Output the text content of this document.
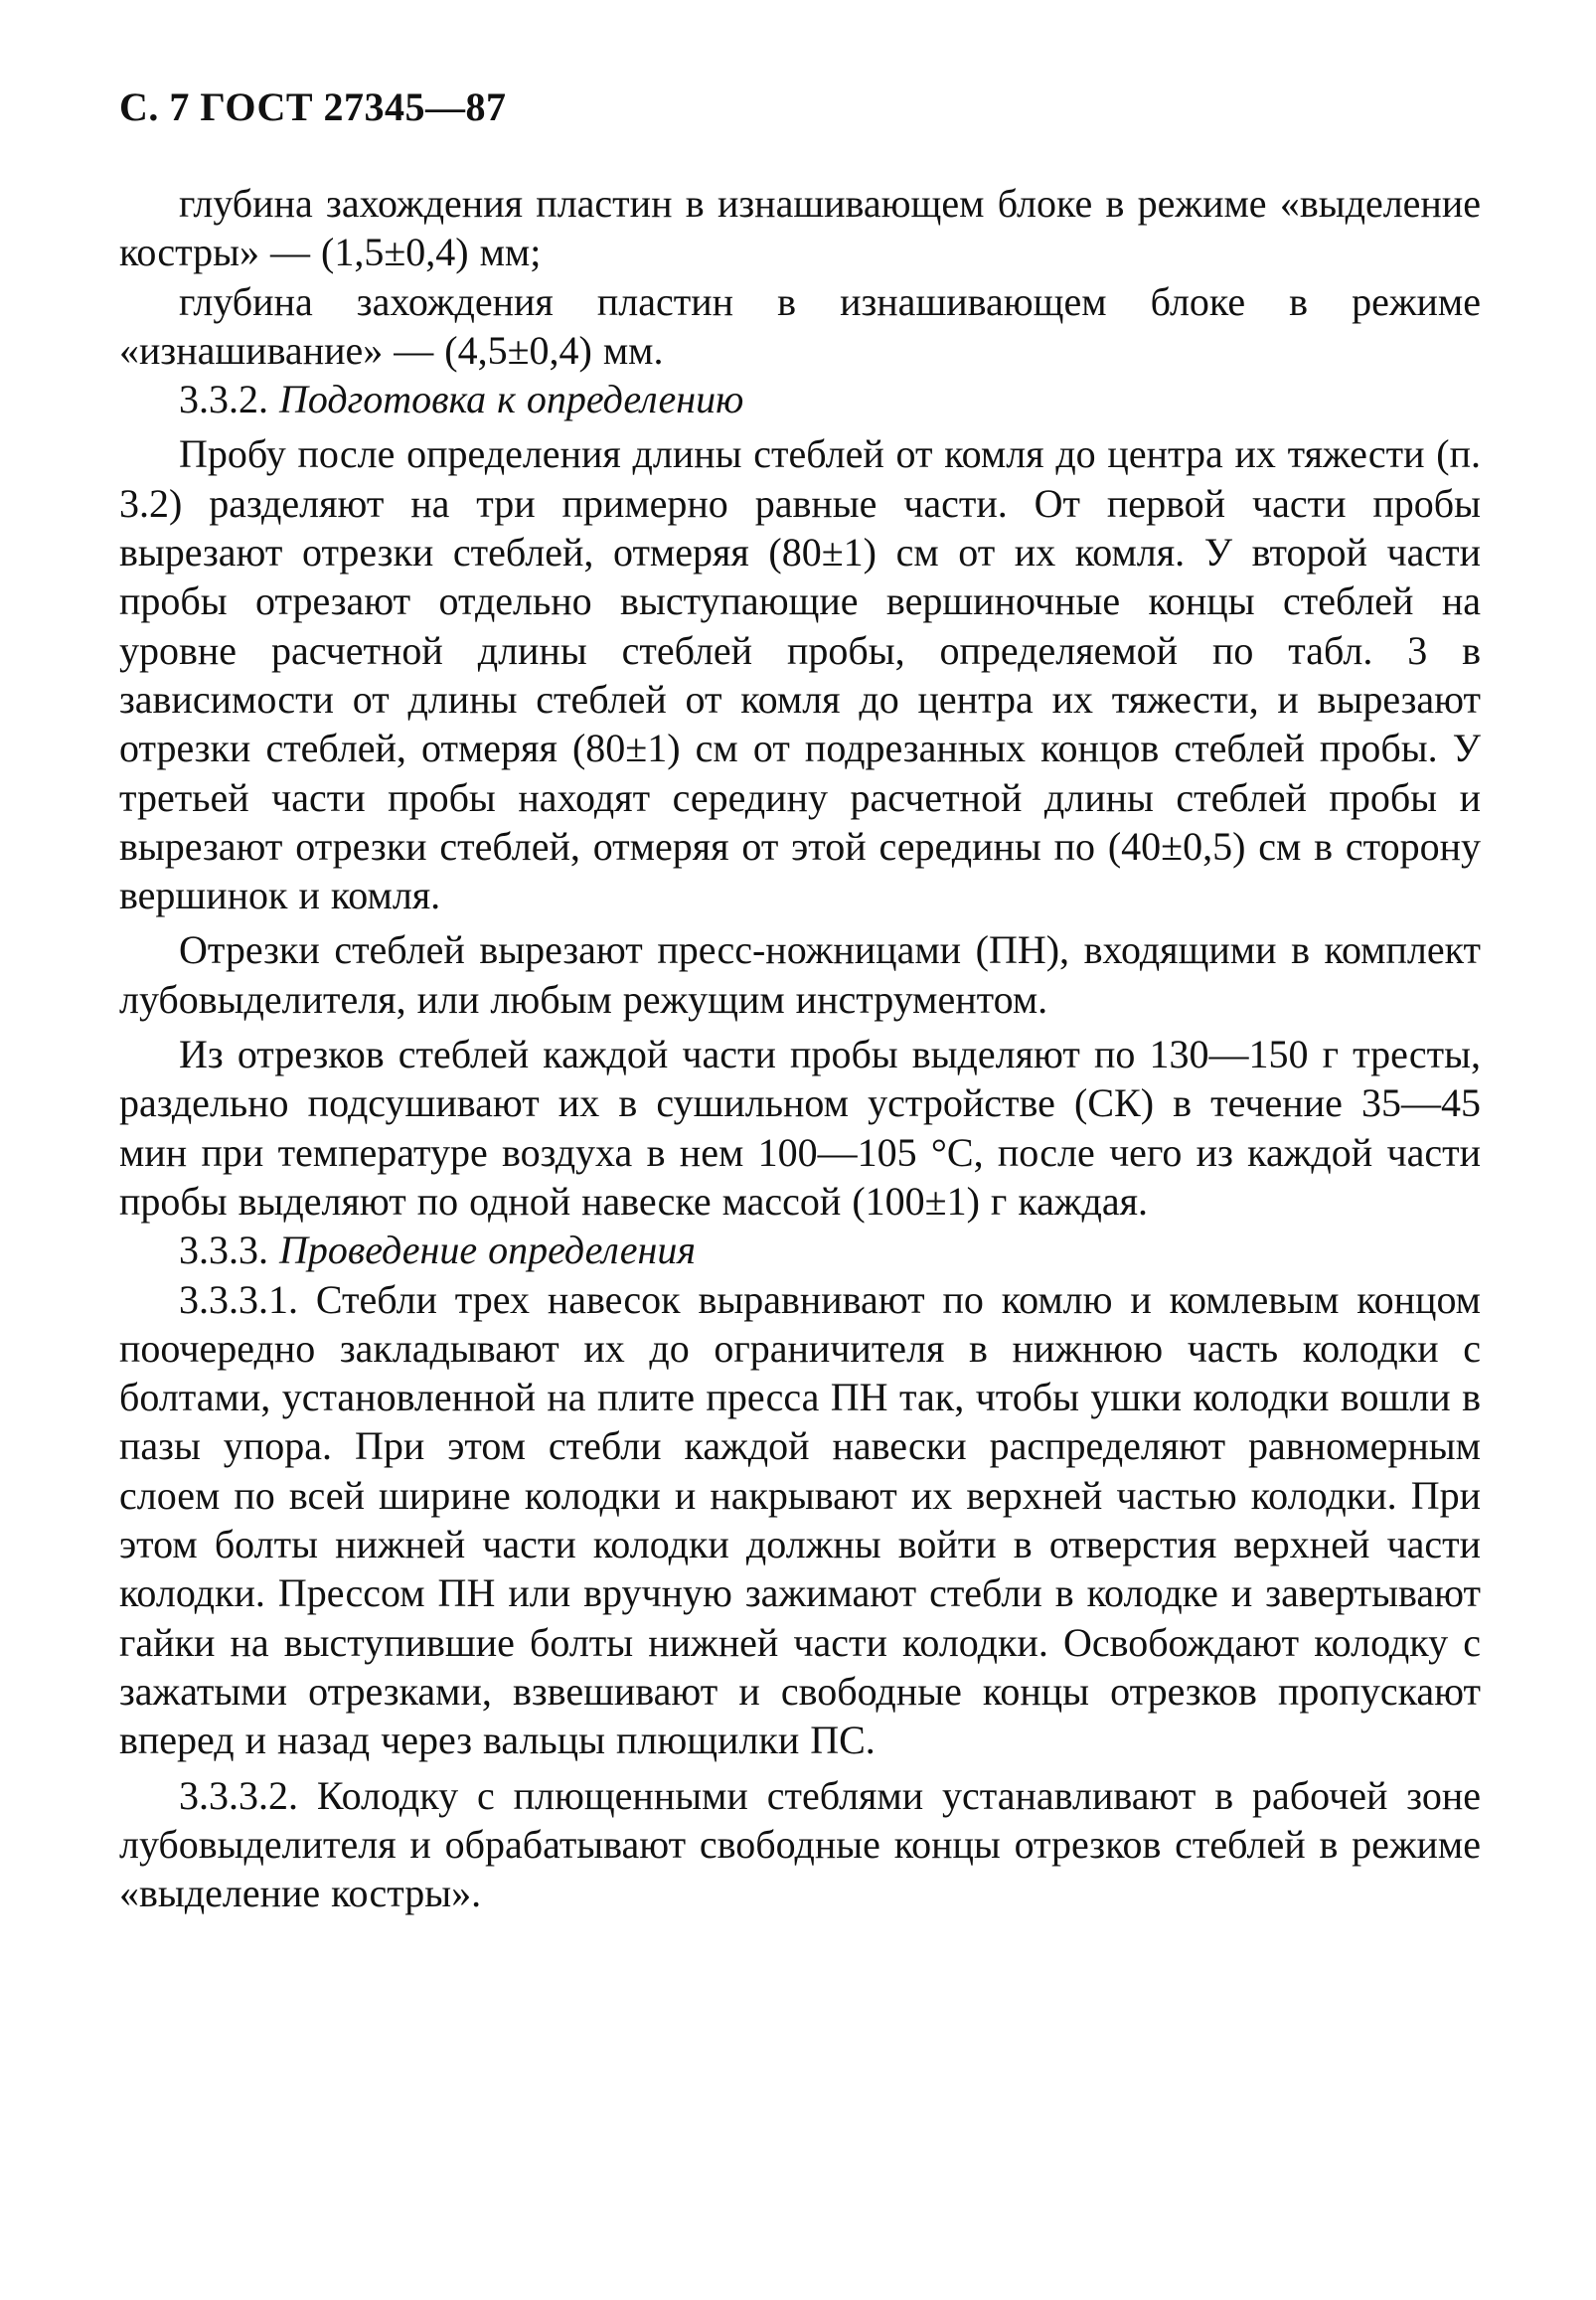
С. 7 ГОСТ 27345—87

глубина захождения пластин в изнашивающем блоке в режиме «выделение костры» — (1,5±0,4) мм;

глубина захождения пластин в изнашивающем блоке в режиме «изнашивание» — (4,5±0,4) мм.

3.3.2. Подготовка к определению

Пробу после определения длины стеблей от комля до центра их тяжести (п. 3.2) разделяют на три примерно равные части. От первой части пробы вырезают отрезки стеблей, отмеряя (80±1) см от их комля. У второй части пробы отрезают отдельно выступающие вершиночные концы стеблей на уровне расчетной длины стеблей пробы, определяемой по табл. 3 в зависимости от длины стеблей от комля до центра их тяжести, и вырезают отрезки стеблей, отмеряя (80±1) см от подрезанных концов стеблей пробы. У третьей части пробы находят середину расчетной длины стеблей пробы и вырезают отрезки стеблей, отмеряя от этой середины по (40±0,5) см в сторону вершинок и комля.

Отрезки стеблей вырезают пресс-ножницами (ПН), входящими в комплект лубовыделителя, или любым режущим инструментом.

Из отрезков стеблей каждой части пробы выделяют по 130—150 г тресты, раздельно подсушивают их в сушильном устройстве (СК) в течение 35—45 мин при температуре воздуха в нем 100—105 °С, после чего из каждой части пробы выделяют по одной навеске массой (100±1) г каждая.

3.3.3. Проведение определения

3.3.3.1. Стебли трех навесок выравнивают по комлю и комлевым концом поочередно закладывают их до ограничителя в нижнюю часть колодки с болтами, установленной на плите пресса ПН так, чтобы ушки колодки вошли в пазы упора. При этом стебли каждой навески распределяют равномерным слоем по всей ширине колодки и накрывают их верхней частью колодки. При этом болты нижней части колодки должны войти в отверстия верхней части колодки. Прессом ПН или вручную зажимают стебли в колодке и завертывают гайки на выступившие болты нижней части колодки. Освобождают колодку с зажатыми отрезками, взвешивают и свободные концы отрезков пропускают вперед и назад через вальцы плющилки ПС.

3.3.3.2. Колодку с плющенными стеблями устанавливают в рабочей зоне лубовыделителя и обрабатывают свободные концы отрезков стеблей в режиме «выделение костры».
